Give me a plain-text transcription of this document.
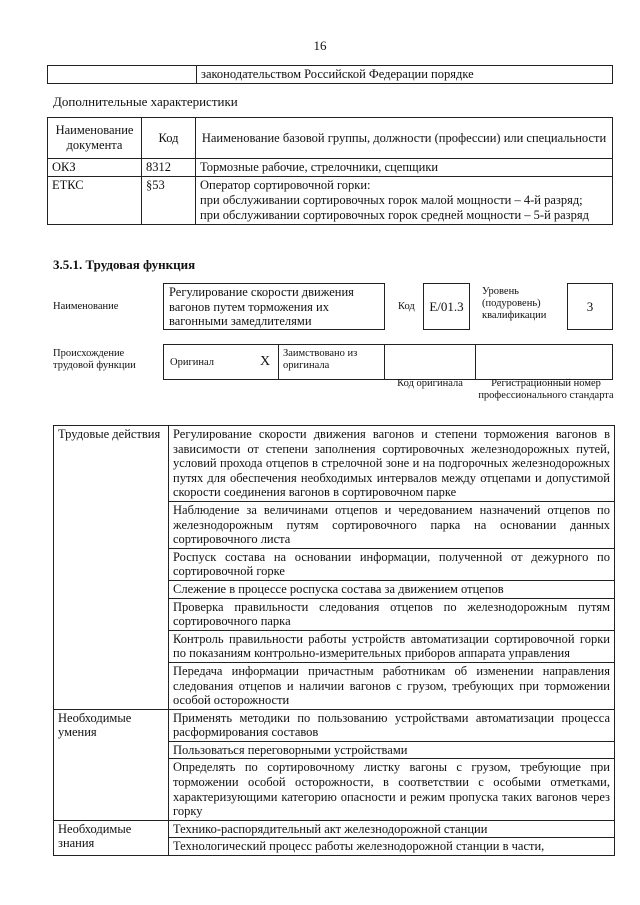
16
	законодательством Российской Федерации порядке
Дополнительные характеристики
Наименование документа	Код	Наименование базовой группы, должности (профессии) или специальности
ОКЗ	8312	Тормозные рабочие, стрелочники, сцепщики

ЕТКС	§53	Оператор сортировочной горки:
при обслуживании сортировочных горок малой мощности – 4-й разряд;
при обслуживании сортировочных горок средней мощности – 5-й разряд
3.5.1. Трудовая функция
Наименование
Регулирование скорости движения вагонов путем торможения их вагонными замедлителями
Код	E/01.3
Уровень (подуровень) квалификации
3
Происхождение трудовой функции	Оригинал	X
Заимствовано из оригинала
Код оригинала	Регистрационный номер профессионального стандарта
Трудовые действия	Регулирование скорости движения вагонов и степени торможения вагонов в зависимости от степени заполнения сортировочных железнодорожных путей, условий прохода отцепов в стрелочной зоне и на подгорочных железнодорожных путях для обеспечения необходимых интервалов между отцепами и допустимой скорости соединения вагонов в сортировочном парке
	Наблюдение за величинами отцепов и чередованием назначений отцепов по железнодорожным путям сортировочного парка на основании данных сортировочного листа
	Роспуск состава на основании информации, полученной от дежурного по сортировочной горке
	Слежение в процессе роспуска состава за движением отцепов
	Проверка правильности следования отцепов по железнодорожным путям сортировочного парка
	Контроль правильности работы устройств автоматизации сортировочной горки по показаниям контрольно-измерительных приборов аппарата управления
	Передача информации причастным работникам об изменении направления следования отцепов и наличии вагонов с грузом, требующих при торможении особой осторожности
Необходимые умения	Применять методики по пользованию устройствами автоматизации процесса расформирования составов
	Пользоваться переговорными устройствами
	Определять по сортировочному листку вагоны с грузом, требующие при торможении особой осторожности, в соответствии с особыми отметками, характеризующими категорию опасности и режим пропуска таких вагонов через горку
Необходимые знания	Технико-распорядительный акт железнодорожной станции
	Технологический процесс работы железнодорожной станции в части,
